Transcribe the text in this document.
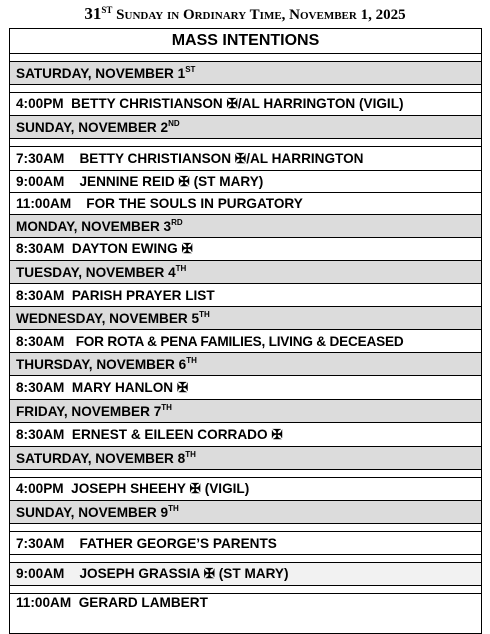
31ST Sunday in Ordinary Time, November 1, 2025
MASS INTENTIONS

SATURDAY, NOVEMBER 1ST

4:00PM BETTY CHRISTIANSON ✠/AL HARRINGTON (VIGIL)
SUNDAY, NOVEMBER 2ND

7:30AM BETTY CHRISTIANSON ✠/AL HARRINGTON
9:00AM JENNINE REID ✠ (ST MARY)
11:00AM FOR THE SOULS IN PURGATORY
MONDAY, NOVEMBER 3RD
8:30AM DAYTON EWING ✠
TUESDAY, NOVEMBER 4TH
8:30AM PARISH PRAYER LIST
WEDNESDAY, NOVEMBER 5TH
8:30AM FOR ROTA & PENA FAMILIES, LIVING & DECEASED
THURSDAY, NOVEMBER 6TH
8:30AM MARY HANLON ✠
FRIDAY, NOVEMBER 7TH
8:30AM ERNEST & EILEEN CORRADO ✠
SATURDAY, NOVEMBER 8TH

4:00PM JOSEPH SHEEHY ✠ (VIGIL)
SUNDAY, NOVEMBER 9TH

7:30AM FATHER GEORGE’S PARENTS

9:00AM JOSEPH GRASSIA ✠ (ST MARY)

11:00AM GERARD LAMBERT
